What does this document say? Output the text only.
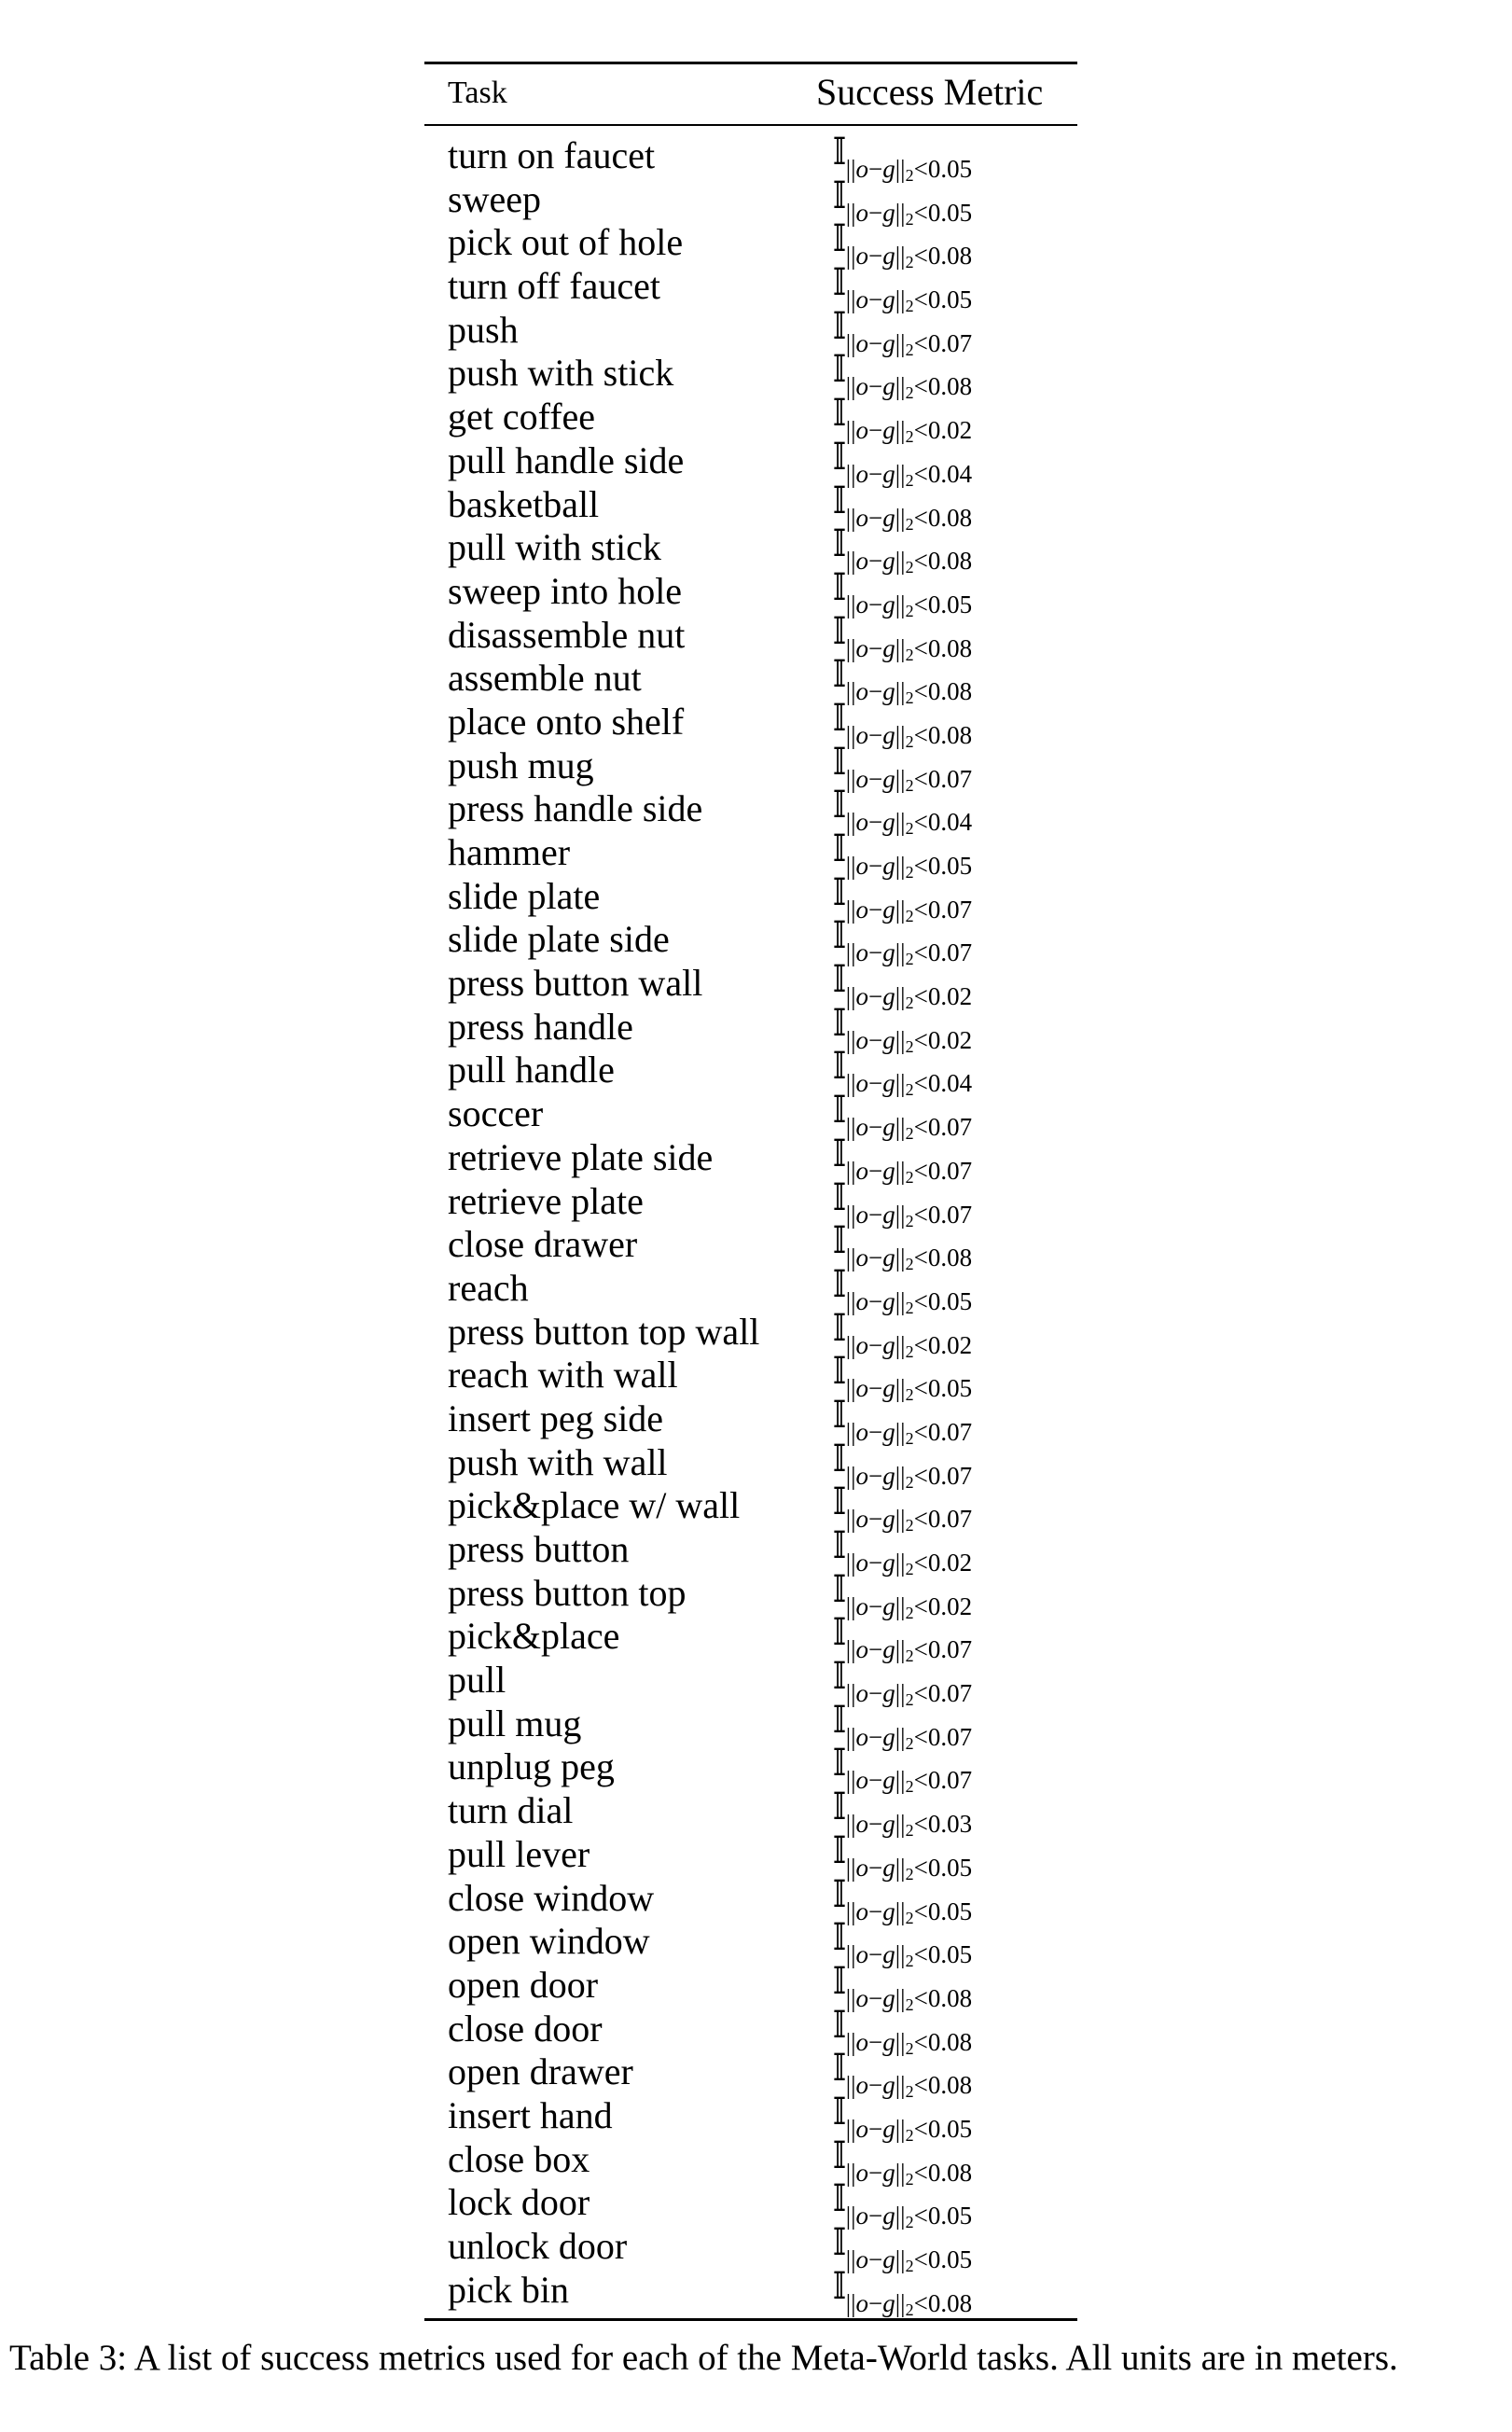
Task	Success Metric
turn on faucet	𝕀||o−g||2<0.05
sweep	𝕀||o−g||2<0.05
pick out of hole	𝕀||o−g||2<0.08
turn off faucet	𝕀||o−g||2<0.05
push	𝕀||o−g||2<0.07
push with stick	𝕀||o−g||2<0.08
get coffee	𝕀||o−g||2<0.02
pull handle side	𝕀||o−g||2<0.04
basketball	𝕀||o−g||2<0.08
pull with stick	𝕀||o−g||2<0.08
sweep into hole	𝕀||o−g||2<0.05
disassemble nut	𝕀||o−g||2<0.08
assemble nut	𝕀||o−g||2<0.08
place onto shelf	𝕀||o−g||2<0.08
push mug	𝕀||o−g||2<0.07
press handle side	𝕀||o−g||2<0.04
hammer	𝕀||o−g||2<0.05
slide plate	𝕀||o−g||2<0.07
slide plate side	𝕀||o−g||2<0.07
press button wall	𝕀||o−g||2<0.02
press handle	𝕀||o−g||2<0.02
pull handle	𝕀||o−g||2<0.04
soccer	𝕀||o−g||2<0.07
retrieve plate side	𝕀||o−g||2<0.07
retrieve plate	𝕀||o−g||2<0.07
close drawer	𝕀||o−g||2<0.08
reach	𝕀||o−g||2<0.05
press button top wall 𝕀||o−g||2<0.02
reach with wall	𝕀||o−g||2<0.05
insert peg side	𝕀||o−g||2<0.07
push with wall	𝕀||o−g||2<0.07
pick&place w/ wall 𝕀||o−g||2<0.07
press button	𝕀||o−g||2<0.02
press button top	𝕀||o−g||2<0.02
pick&place	𝕀||o−g||2<0.07
pull	𝕀||o−g||2<0.07
pull mug	𝕀||o−g||2<0.07
unplug peg	𝕀||o−g||2<0.07
turn dial	𝕀||o−g||2<0.03
pull lever	𝕀||o−g||2<0.05
close window	𝕀||o−g||2<0.05
open window	𝕀||o−g||2<0.05
open door	𝕀||o−g||2<0.08
close door	𝕀||o−g||2<0.08
open drawer	𝕀||o−g||2<0.08
insert hand	𝕀||o−g||2<0.05
close box	𝕀||o−g||2<0.08
lock door	𝕀||o−g||2<0.05
unlock door	𝕀||o−g||2<0.05
pick bin	𝕀||o−g||2<0.08
Table 3: A list of success metrics used for each of the Meta-World tasks. All units are in meters.
